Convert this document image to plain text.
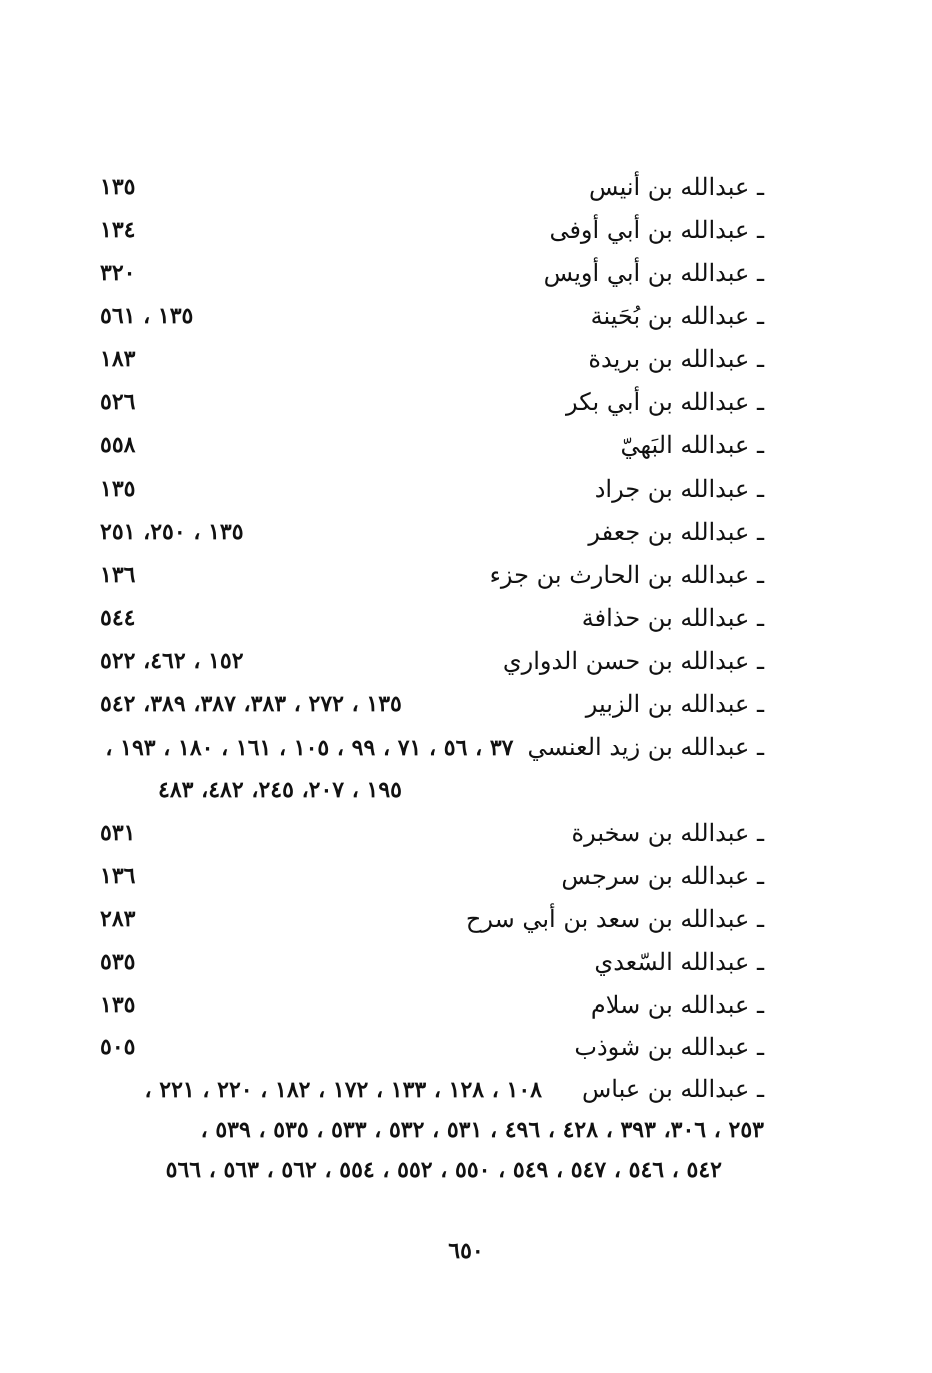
ـ عبدالله بن أنيس
١٣٥
ـ عبدالله بن أبي أوفى
١٣٤
ـ عبدالله بن أبي أويس
٣٢٠
ـ عبدالله بن بُحَينة
١٣٥ ، ٥٦١
ـ عبدالله بن بريدة
١٨٣
ـ عبدالله بن أبي بكر
٥٢٦
ـ عبدالله البَهيّ
٥٥٨
ـ عبدالله بن جراد
١٣٥
ـ عبدالله بن جعفر
١٣٥ ، ٢٥٠، ٢٥١
ـ عبدالله بن الحارث بن جزء
١٣٦
ـ عبدالله بن حذافة
٥٤٤
ـ عبدالله بن حسن الدواري
١٥٢ ، ٤٦٢، ٥٢٢
ـ عبدالله بن الزبير
١٣٥ ، ٢٧٢ ، ٣٨٣، ٣٨٧، ٣٨٩، ٥٤٢
ـ عبدالله بن زيد العنسي٣٧ ، ٥٦ ، ٧١ ، ٩٩ ، ١٠٥ ، ١٦١ ، ١٨٠ ، ١٩٣ ،
١٩٥ ، ٢٠٧، ٢٤٥، ٤٨٢، ٤٨٣
ـ عبدالله بن سخبرة
٥٣١
ـ عبدالله بن سرجس
١٣٦
ـ عبدالله بن سعد بن أبي سرح
٢٨٣
ـ عبدالله السّعدي
٥٣٥
ـ عبدالله بن سلام
١٣٥
ـ عبدالله بن شوذب
٥٠٥
ـ عبدالله بن عباس١٠٨ ، ١٢٨ ، ١٣٣ ، ١٧٢ ، ١٨٢ ، ٢٢٠ ، ٢٢١ ،
٢٥٣ ، ٣٠٦، ٣٩٣ ، ٤٢٨ ، ٤٩٦ ، ٥٣١ ، ٥٣٢ ، ٥٣٣ ، ٥٣٥ ، ٥٣٩ ،
٥٤٢ ، ٥٤٦ ، ٥٤٧ ، ٥٤٩ ، ٥٥٠ ، ٥٥٢ ، ٥٥٤ ، ٥٦٢ ، ٥٦٣ ، ٥٦٦
٦٥٠
